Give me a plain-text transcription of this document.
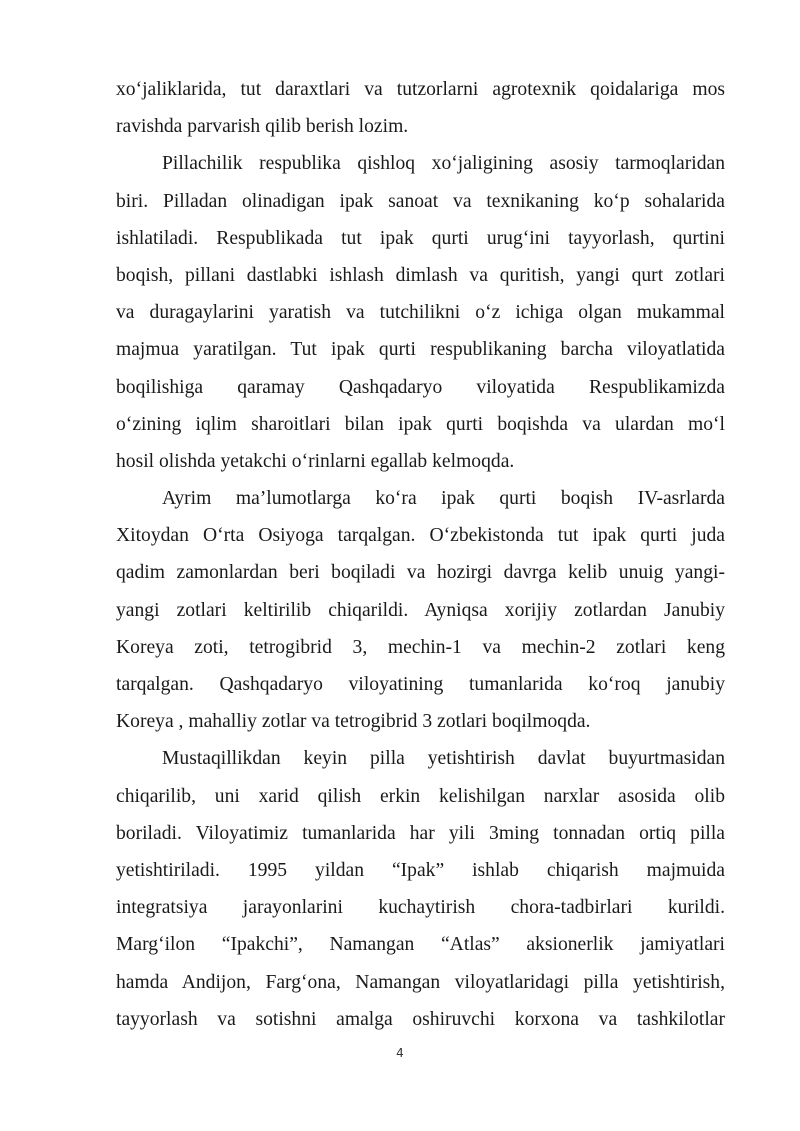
xo‘jaliklarida, tut daraxtlari va tutzorlarni agrotexnik qoidalariga mos
ravishda parvarish qilib berish lozim.
Pillachilik respublika qishloq xo‘jaligining asosiy tarmoqlaridan
biri. Pilladan olinadigan ipak sanoat va texnikaning ko‘p sohalarida
ishlatiladi. Respublikada tut ipak qurti urug‘ini tayyorlash, qurtini
boqish, pillani dastlabki ishlash dimlash va quritish, yangi qurt zotlari
va duragaylarini yaratish va tutchilikni o‘z ichiga olgan mukammal
majmua yaratilgan. Tut ipak qurti respublikaning barcha viloyatlatida
boqilishiga qaramay Qashqadaryo viloyatida Respublikamizda
o‘zining iqlim sharoitlari bilan ipak qurti boqishda va ulardan mo‘l
hosil olishda yetakchi o‘rinlarni egallab kelmoqda.
Ayrim ma’lumotlarga ko‘ra ipak qurti boqish IV-asrlarda
Xitoydan O‘rta Osiyoga tarqalgan. O‘zbekistonda tut ipak qurti juda
qadim zamonlardan beri boqiladi va hozirgi davrga kelib unuig yangi-
yangi zotlari keltirilib chiqarildi. Ayniqsa xorijiy zotlardan Janubiy
Koreya zoti, tetrogibrid 3, mechin-1 va mechin-2 zotlari keng
tarqalgan. Qashqadaryo viloyatining tumanlarida ko‘roq janubiy
Koreya , mahalliy zotlar va tetrogibrid 3 zotlari boqilmoqda.
Mustaqillikdan keyin pilla yetishtirish davlat buyurtmasidan
chiqarilib, uni xarid qilish erkin kelishilgan narxlar asosida olib
boriladi. Viloyatimiz tumanlarida har yili 3ming tonnadan ortiq pilla
yetishtiriladi. 1995 yildan “Ipak” ishlab chiqarish majmuida
integratsiya jarayonlarini kuchaytirish chora-tadbirlari kurildi.
Marg‘ilon “Ipakchi”, Namangan “Atlas” aksionerlik jamiyatlari
hamda Andijon, Farg‘ona, Namangan viloyatlaridagi pilla yetishtirish,
tayyorlash va sotishni amalga oshiruvchi korxona va tashkilotlar
4
